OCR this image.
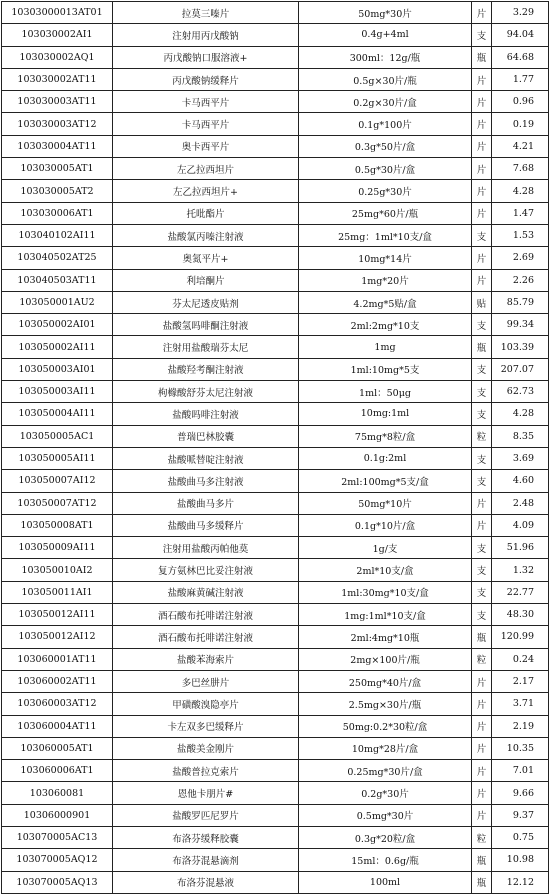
10303000013AT01	拉莫三嗪片	50mg*30片	片	3.29
103030002AI1	注射用丙戊酸钠	0.4g+4ml	支	94.04
103030002AQ1	丙戊酸钠口服溶液+	300ml：12g/瓶	瓶	64.68
103030002AT11	丙戊酸钠缓释片	0.5g×30片/瓶	片	1.77
103030003AT11	卡马西平片	0.2g×30片/盒	片	0.96
103030003AT12	卡马西平片	0.1g*100片	片	0.19
103030004AT11	奥卡西平片	0.3g*50片/盒	片	4.21
103030005AT1	左乙拉西坦片	0.5g*30片/盒	片	7.68
103030005AT2	左乙拉西坦片+	0.25g*30片	片	4.28
103030006AT1	托吡酯片	25mg*60片/瓶	片	1.47
103040102AI11	盐酸氯丙嗪注射液	25mg：1ml*10支/盒	支	1.53
103040502AT25	奥氮平片+	10mg*14片	片	2.69
103040503AT11	利培酮片	1mg*20片	片	2.26
103050001AU2	芬太尼透皮贴剂	4.2mg*5贴/盒	贴	85.79
103050002AI01	盐酸氢吗啡酮注射液	2ml:2mg*10支	支	99.34
103050002AI11	注射用盐酸瑞芬太尼	1mg	瓶	103.39
103050003AI01	盐酸羟考酮注射液	1ml:10mg*5支	支	207.07
103050003AI11	枸橼酸舒芬太尼注射液	1ml：50μg	支	62.73
103050004AI11	盐酸吗啡注射液	10mg:1ml	支	4.28
103050005AC1	普瑞巴林胶囊	75mg*8粒/盒	粒	8.35
103050005AI11	盐酸哌替啶注射液	0.1g:2ml	支	3.69
103050007AI12	盐酸曲马多注射液	2ml:100mg*5支/盒	支	4.60
103050007AT12	盐酸曲马多片	50mg*10片	片	2.48
103050008AT1	盐酸曲马多缓释片	0.1g*10片/盒	片	4.09
103050009AI11	注射用盐酸丙帕他莫	1g/支	支	51.96
103050010AI2	复方氨林巴比妥注射液	2ml*10支/盒	支	1.32
103050011AI1	盐酸麻黄碱注射液	1ml:30mg*10支/盒	支	22.77
103050012AI11	酒石酸布托啡诺注射液	1mg:1ml*10支/盒	支	48.30
103050012AI12	酒石酸布托啡诺注射液	2ml:4mg*10瓶	瓶	120.99
103060001AT11	盐酸苯海索片	2mg×100片/瓶	粒	0.24
103060002AT11	多巴丝肼片	250mg*40片/盒	片	2.17
103060003AT12	甲磺酸溴隐亭片	2.5mg×30片/瓶	片	3.71
103060004AT11	卡左双多巴缓释片	50mg:0.2*30粒/盒	片	2.19
103060005AT1	盐酸美金刚片	10mg*28片/盒	片	10.35
103060006AT1	盐酸普拉克索片	0.25mg*30片/盒	片	7.01
103060081	恩他卡朋片#	0.2g*30片	片	9.66
10306000901	盐酸罗匹尼罗片	0.5mg*30片	片	9.37
103070005AC13	布洛芬缓释胶囊	0.3g*20粒/盒	粒	0.75
103070005AQ12	布洛芬混悬滴剂	15ml：0.6g/瓶	瓶	10.98
103070005AQ13	布洛芬混悬液	100ml	瓶	12.12
